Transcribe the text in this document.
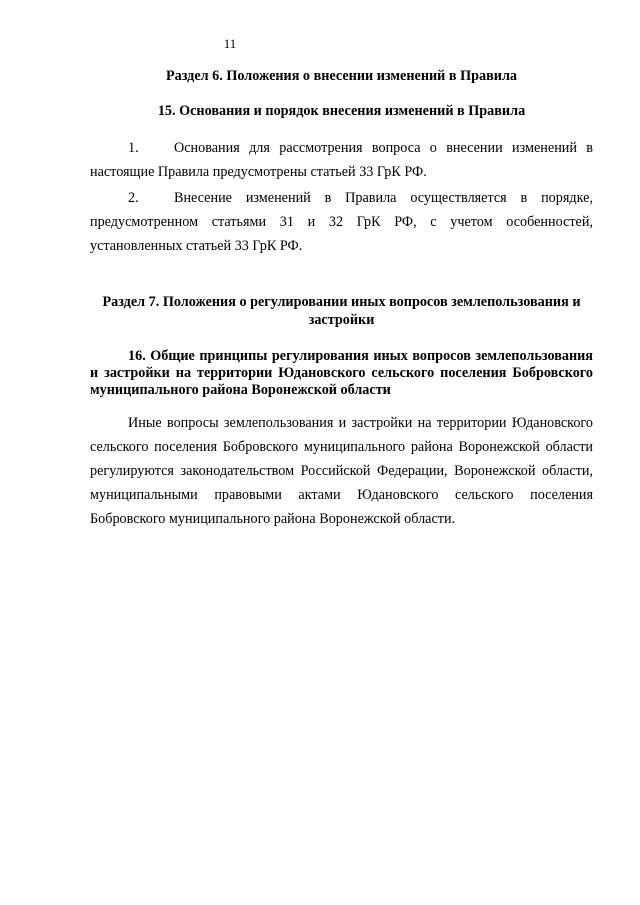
11

Раздел 6. Положения о внесении изменений в Правила

15. Основания и порядок внесения изменений в Правила

1. Основания для рассмотрения вопроса о внесении изменений в настоящие Правила предусмотрены статьей 33 ГрК РФ.

2. Внесение изменений в Правила осуществляется в порядке, предусмотренном статьями 31 и 32 ГрК РФ, с учетом особенностей, установленных статьей 33 ГрК РФ.

Раздел 7. Положения о регулировании иных вопросов землепользования и застройки

16. Общие принципы регулирования иных вопросов землепользования и застройки на территории Юдановского сельского поселения Бобровского муниципального района Воронежской области

Иные вопросы землепользования и застройки на территории Юдановского сельского поселения Бобровского муниципального района Воронежской области регулируются законодательством Российской Федерации, Воронежской области, муниципальными правовыми актами Юдановского сельского поселения Бобровского муниципального района Воронежской области.
